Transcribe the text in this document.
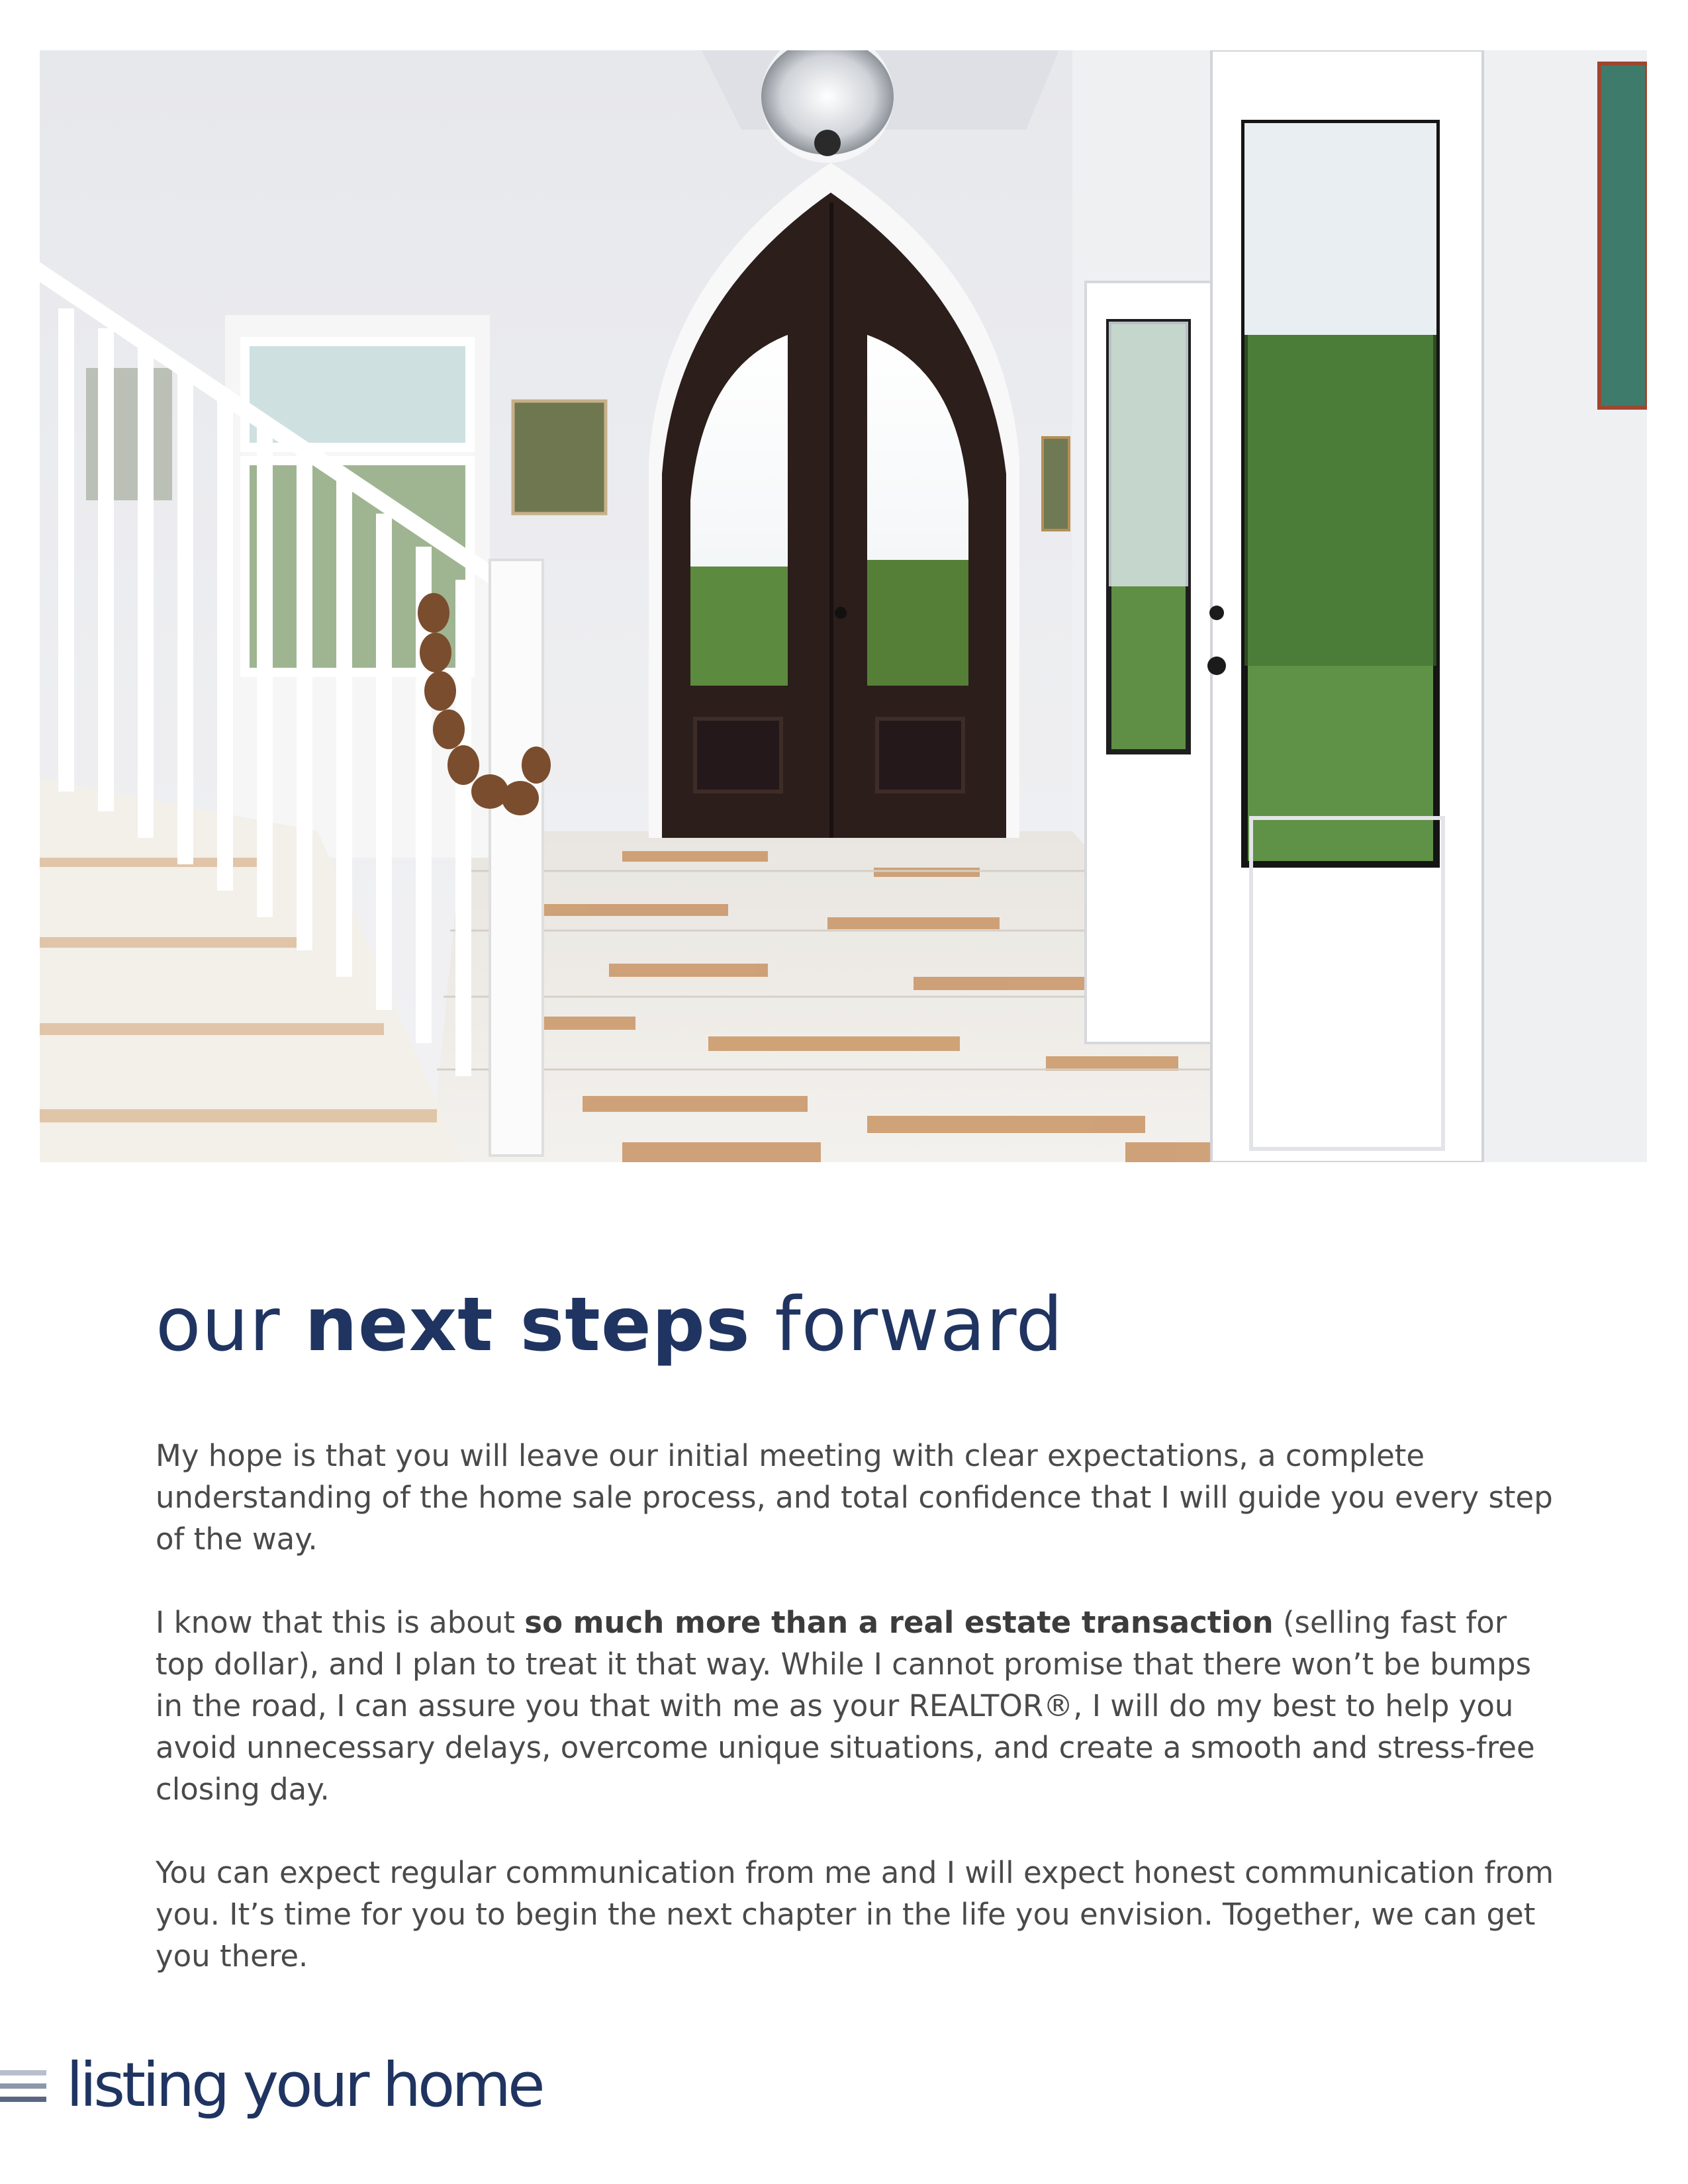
our next steps forward

My hope is that you will leave our initial meeting with clear expectations, a complete understanding of the home sale process, and total confidence that I will guide you every step of the way.

I know that this is about so much more than a real estate transaction (selling fast for top dollar), and I plan to treat it that way. While I cannot promise that there won’t be bumps in the road, I can assure you that with me as your REALTOR®, I will do my best to help you avoid unnecessary delays, overcome unique situations, and create a smooth and stress-free closing day.

You can expect regular communication from me and I will expect honest communication from you. It’s time for you to begin the next chapter in the life you envision. Together, we can get you there.

listing your home
